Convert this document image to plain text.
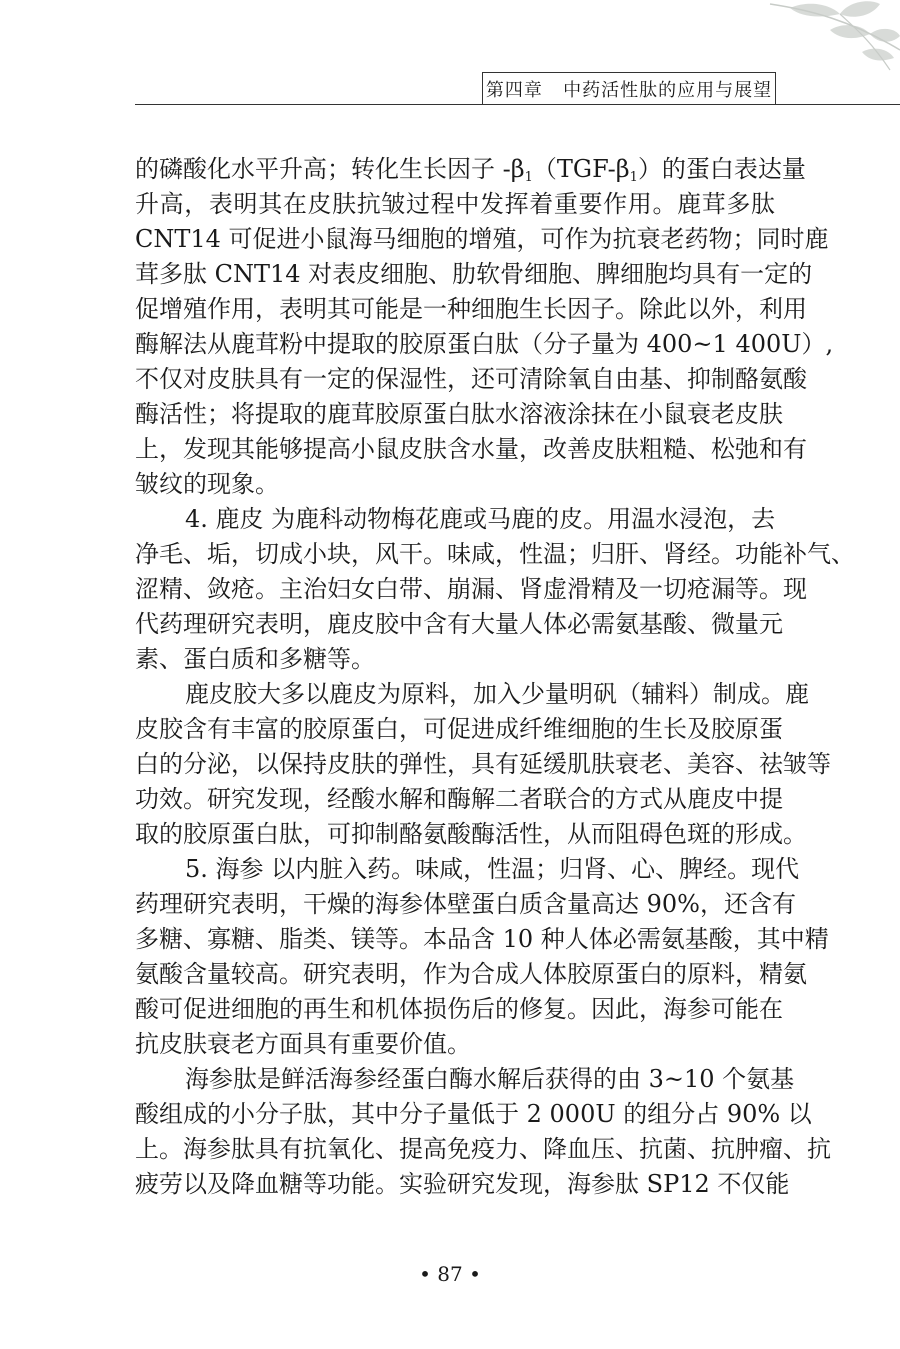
第四章   中药活性肽的应用与展望
的磷酸化水平升高；转化生长因子 $-\beta_1(TGF-\beta_1)$的蛋白表达量
升高，表明其在皮肤抗皱过程中发挥着重要作用。鹿茸多肽
CNT14 可促进小鼠海马细胞的增殖，可作为抗衰老药物；同时鹿
茸多肽 CNT14 对表皮细胞、肋软骨细胞、脾细胞均具有一定的
促增殖作用，表明其可能是一种细胞生长因子。除此以外，利用
酶解法从鹿茸粉中提取的胶原蛋白肽（分子量为 400~1 400U）,
不仅对皮肤具有一定的保湿性，还可清除氧自由基、抑制酪氨酸
酶活性；将提取的鹿茸胶原蛋白肽水溶液涂抹在小鼠衰老皮肤
上，发现其能够提高小鼠皮肤含水量，改善皮肤粗糙、松弛和有
皱纹的现象。
4. 鹿皮 为鹿科动物梅花鹿或马鹿的皮。用温水浸泡，去
净毛、垢，切成小块，风干。味咸，性温；归肝、肾经。功能补气、
涩精、敛疮。主治妇女白带、崩漏、肾虚滑精及一切疮漏等。现
代药理研究表明，鹿皮胶中含有大量人体必需氨基酸、微量元
素、蛋白质和多糖等。
鹿皮胶大多以鹿皮为原料，加入少量明矾（辅料）制成。鹿
皮胶含有丰富的胶原蛋白，可促进成纤维细胞的生长及胶原蛋
白的分泌，以保持皮肤的弹性，具有延缓肌肤衰老、美容、祛皱等
功效。研究发现，经酸水解和酶解二者联合的方式从鹿皮中提
取的胶原蛋白肽，可抑制酪氨酸酶活性，从而阻碍色斑的形成。
5. 海参 以内脏入药。味咸，性温；归肾、心、脾经。现代
药理研究表明，干燥的海参体壁蛋白质含量高达 90%，还含有
多糖、寡糖、脂类、镁等。本品含 10 种人体必需氨基酸，其中精
氨酸含量较高。研究表明，作为合成人体胶原蛋白的原料，精氨
酸可促进细胞的再生和机体损伤后的修复。因此，海参可能在
抗皮肤衰老方面具有重要价值。
海参肽是鲜活海参经蛋白酶水解后获得的由 3~10 个氨基
酸组成的小分子肽，其中分子量低于 2 000U 的组分占 90% 以
上。海参肽具有抗氧化、提高免疫力、降血压、抗菌、抗肿瘤、抗
疲劳以及降血糖等功能。实验研究发现，海参肽 SP12 不仅能
• 87 •
